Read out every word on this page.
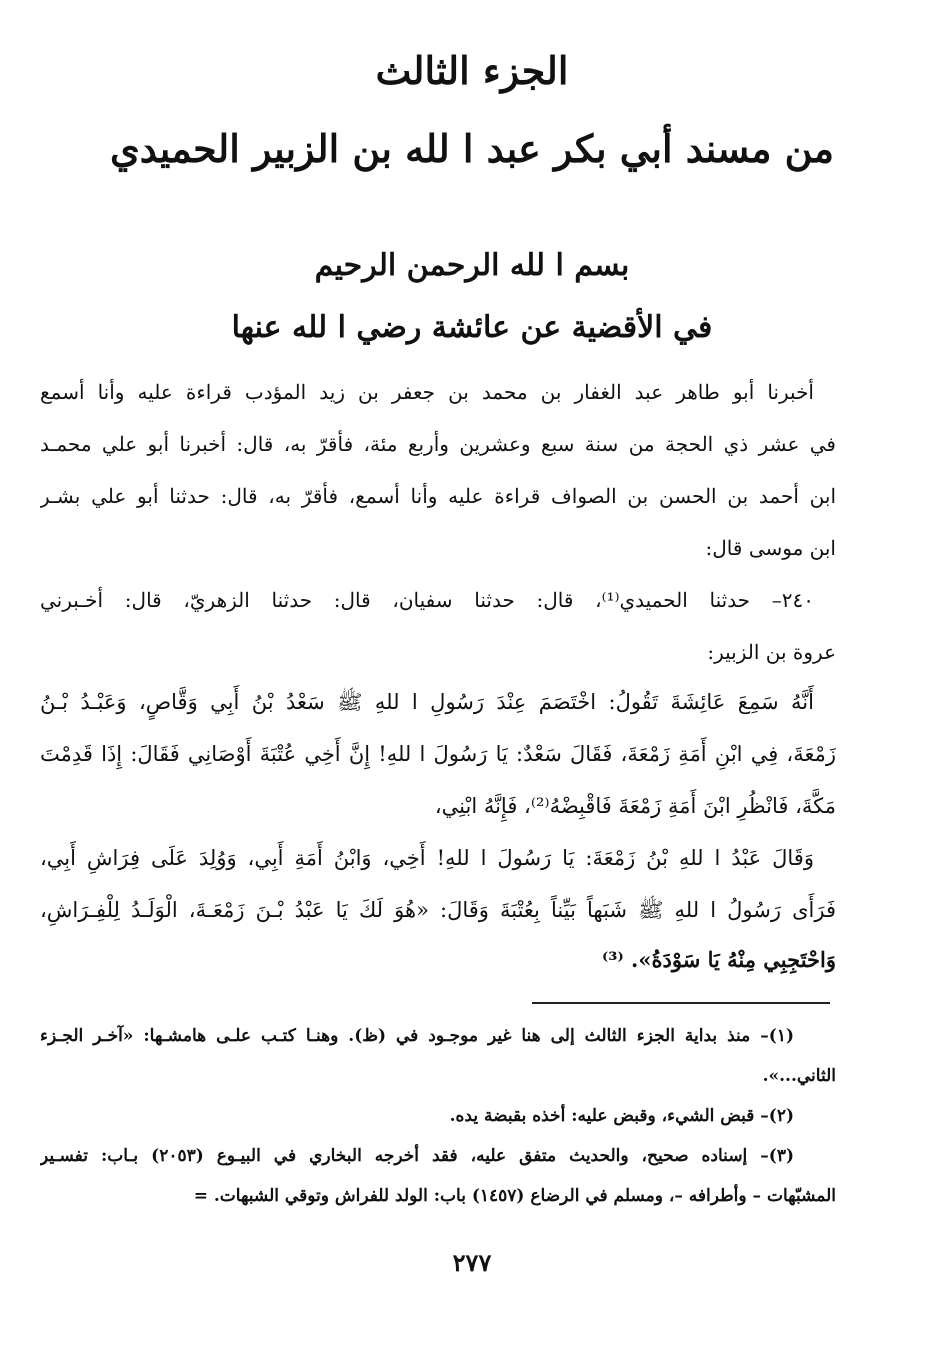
الجزء الثالث
من مسند أبي بكر عبد ا لله بن الزبير الحميدي
بسم ا لله الرحمن الرحيم
في الأقضية عن عائشة رضي ا لله عنها
أخبرنا أبو طاهر عبد الغفار بن محمد بن جعفر بن زيد المؤدب قراءة عليه وأنا أسمع
في عشر ذي الحجة من سنة سبع وعشرين وأربع مئة، فأقرّ به، قال: أخبرنا أبو علي محمـد
ابن أحمد بن الحسن بن الصواف قراءة عليه وأنا أسمع، فأقرّ به، قال: حدثنا أبو علي بشـر
ابن موسى قال:
٢٤٠– حدثنا الحميدي⁽¹⁾، قال: حدثنا سفيان، قال: حدثنا الزهريّ، قال: أخـبرني
عروة بن الزبير:
أَنَّهُ سَمِعَ عَائِشَةَ تَقُولُ: اخْتَصَمَ عِنْدَ رَسُولِ ا للهِ ﷺ سَعْدُ بْنُ أَبِي وَقَّاصٍ، وَعَبْـدُ بْـنُ
زَمْعَةَ، فِي ابْنِ أَمَةِ زَمْعَةَ، فَقَالَ سَعْدٌ: يَا رَسُولَ ا للهِ! إِنَّ أَخِي عُتْبَةَ أَوْصَانِي فَقَالَ: إِذَا قَدِمْتَ
مَكَّةَ، فَانْظُرِ ابْنَ أَمَةِ زَمْعَةَ فَاقْبِضْهُ⁽²⁾، فَإِنَّهُ ابْنِي،
وَقَالَ عَبْدُ ا للهِ بْنُ زَمْعَةَ: يَا رَسُولَ ا للهِ! أَخِي، وَابْنُ أَمَةِ أَبِي، وَوُلِدَ عَلَى فِرَاشِ أَبِي،
فَرَأَى رَسُولُ ا للهِ ﷺ شَبَهاً بَيِّناً بِعُتْبَةَ وَقَالَ: «هُوَ لَكَ يَا عَبْدُ بْـنَ زَمْعَـةَ، الْوَلَـدُ لِلْفِـرَاشِ،
وَاحْتَجِبِي مِنْهُ يَا سَوْدَةُ». ⁽³⁾
(١)– منذ بداية الجزء الثالث إلى هنا غير موجـود في (ظ). وهنـا كتـب علـى هامشـها: «آخـر الجـزء
الثاني...».
(٢)– قبض الشيء، وقبض عليه: أخذه بقبضة يده.
(٣)– إسناده صحيح، والحديث متفق عليه، فقد أخرجه البخاري في البيـوع (٢٠٥٣) بـاب: تفسـير
المشبّهات – وأطرافه –، ومسلم في الرضاع (١٤٥٧) باب: الولد للفراش وتوقي الشبهات. =
٢٧٧
